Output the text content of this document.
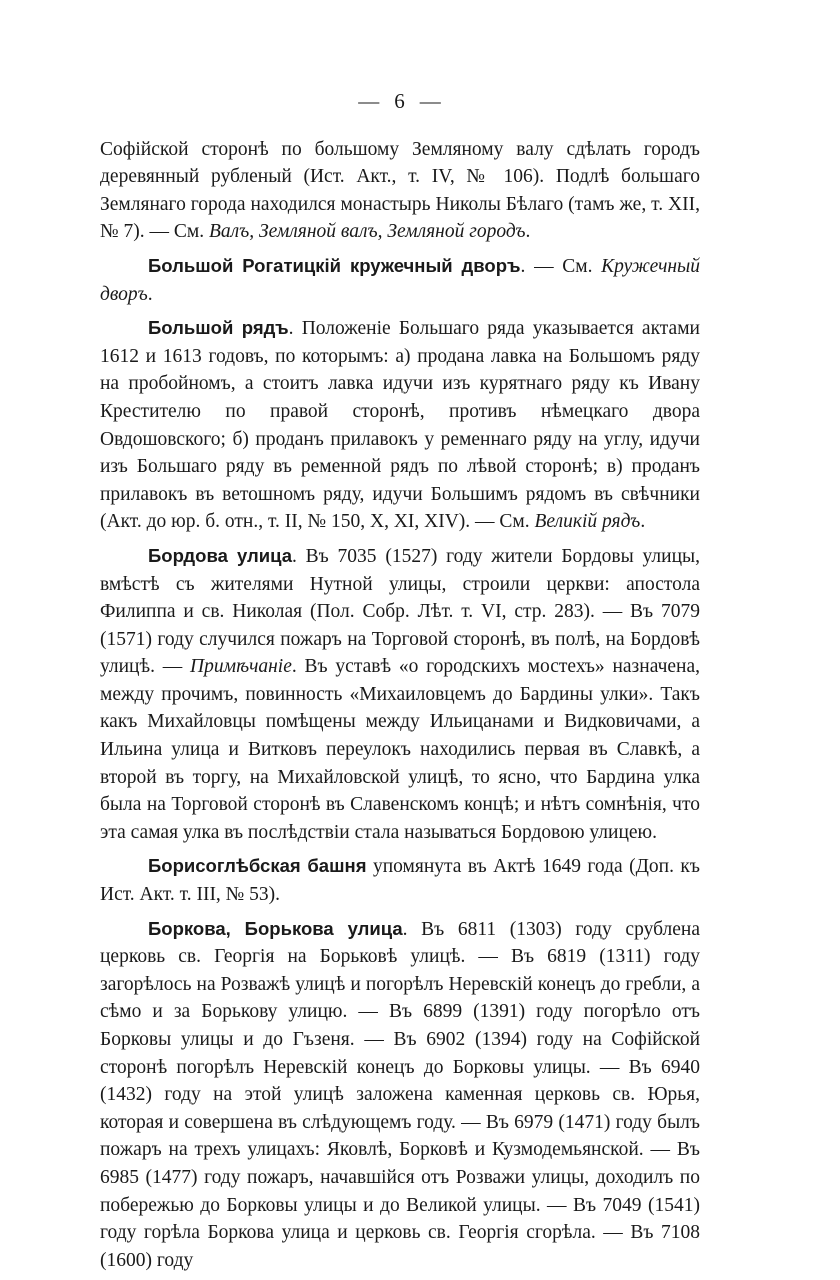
— 6 —

Софійской сторонѣ по большому Земляному валу сдѣлать городъ деревянный рубленый (Ист. Акт., т. IV, № 106). Подлѣ большаго Землянаго города находился монастырь Николы Бѣлаго (тамъ же, т. XII, № 7). — См. Валъ, Земляной валъ, Земляной городъ.

Большой Рогатицкій кружечный дворъ. — См. Кружечный дворъ.

Большой рядъ. Положеніе Большаго ряда указывается актами 1612 и 1613 годовъ, по которымъ: а) продана лавка на Большомъ ряду на пробойномъ, а стоитъ лавка идучи изъ курятнаго ряду къ Ивану Крестителю по правой сторонѣ, противъ нѣмецкаго двора Овдошовского; б) проданъ прилавокъ у ременнаго ряду на углу, идучи изъ Большаго ряду въ ременной рядъ по лѣвой сторонѣ; в) проданъ прилавокъ въ ветошномъ ряду, идучи Большимъ рядомъ въ свѣчники (Акт. до юр. б. отн., т. II, № 150, X, XI, XIV). — См. Великій рядъ.

Бордова улица. Въ 7035 (1527) году жители Бордовы улицы, вмѣстѣ съ жителями Нутной улицы, строили церкви: апостола Филиппа и св. Николая (Пол. Собр. Лѣт. т. VI, стр. 283). — Въ 7079 (1571) году случился пожаръ на Торговой сторонѣ, въ полѣ, на Бордовѣ улицѣ. — Примѣчаніе. Въ уставѣ «о городскихъ мостехъ» назначена, между прочимъ, повинность «Михаиловцемъ до Бардины улки». Такъ какъ Михайловцы помѣщены между Ильицанами и Видковичами, а Ильина улица и Витковъ переулокъ находились первая въ Славкѣ, а второй въ торгу, на Михайловской улицѣ, то ясно, что Бардина улка была на Торговой сторонѣ въ Славенскомъ концѣ; и нѣтъ сомнѣнія, что эта самая улка въ послѣдствіи стала называться Бордовою улицею.

Борисоглѣбская башня упомянута въ Актѣ 1649 года (Доп. къ Ист. Акт. т. III, № 53).

Боркова, Борькова улица. Въ 6811 (1303) году срублена церковь св. Георгія на Борьковѣ улицѣ. — Въ 6819 (1311) году загорѣлось на Розважѣ улицѣ и погорѣлъ Неревскій конецъ до гребли, а сѣмо и за Борькову улицю. — Въ 6899 (1391) году погорѣло отъ Борковы улицы и до Гъзеня. — Въ 6902 (1394) году на Софійской сторонѣ погорѣлъ Неревскій конецъ до Борковы улицы. — Въ 6940 (1432) году на этой улицѣ заложена каменная церковь св. Юрья, которая и совершена въ слѣдующемъ году. — Въ 6979 (1471) году былъ пожаръ на трехъ улицахъ: Яковлѣ, Борковѣ и Кузмодемьянской. — Въ 6985 (1477) году пожаръ, начавшійся отъ Розважи улицы, доходилъ по побережью до Борковы улицы и до Великой улицы. — Въ 7049 (1541) году горѣла Боркова улица и церковь св. Георгія сгорѣла. — Въ 7108 (1600) году
